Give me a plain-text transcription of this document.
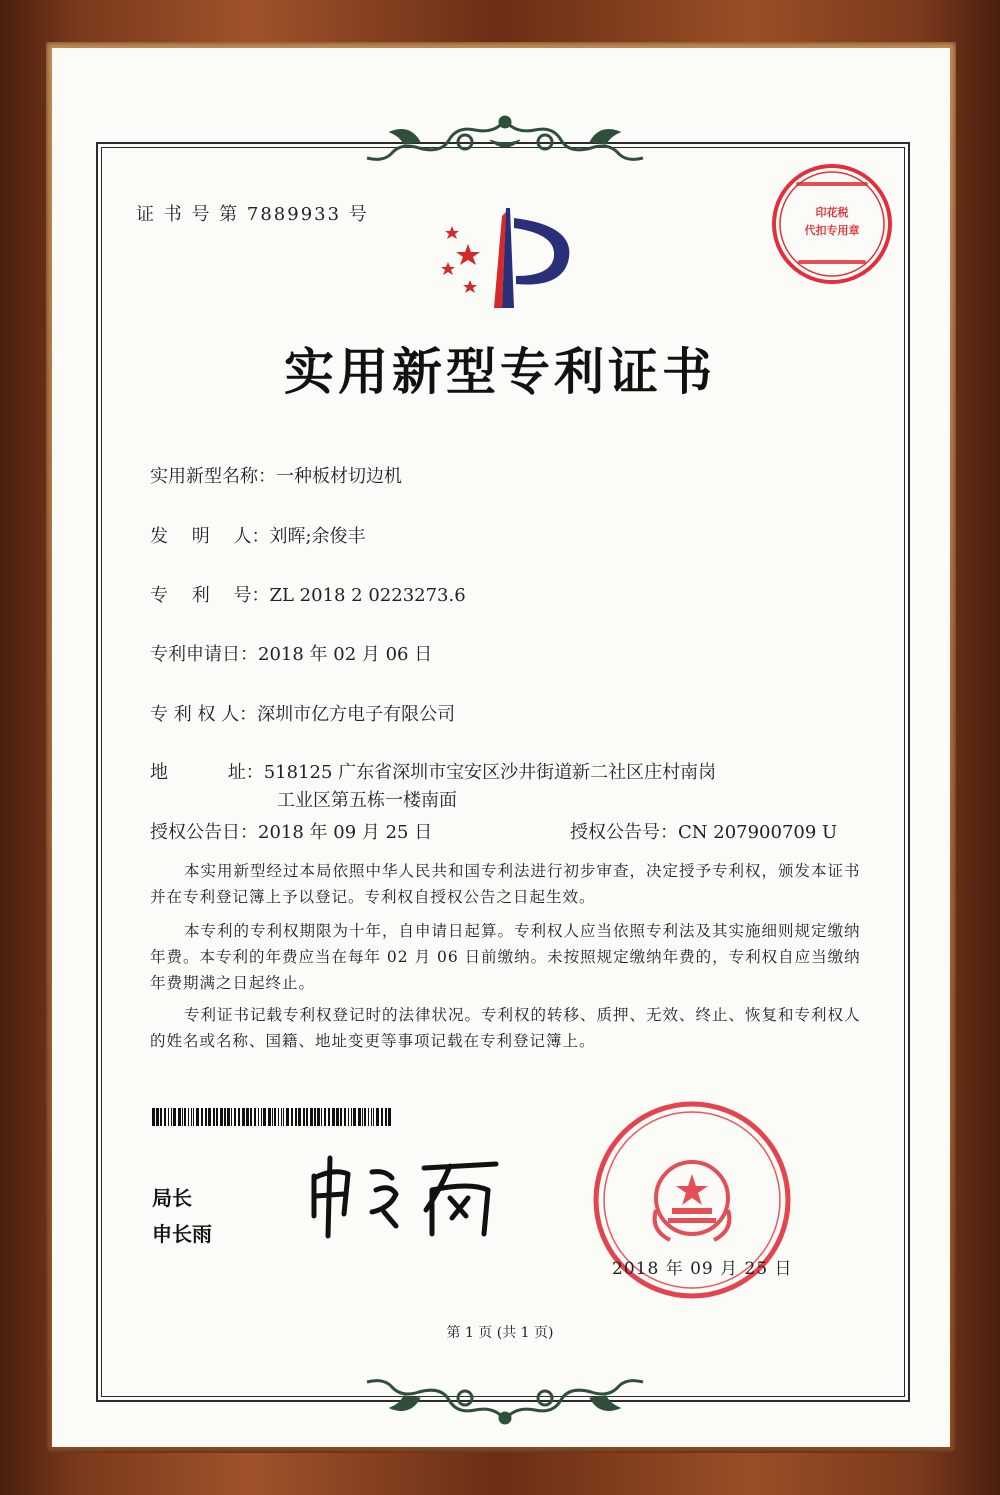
证 书 号 第 7889933 号	印花税
代扣专用章
实用新型专利证书
实用新型名称：一种板材切边机
发　 明　 人：刘晖;余俊丰
专　 利　 号：ZL 2018 2 0223273.6
专利申请日：2018 年 02 月 06 日
专 利 权 人：深圳市亿方电子有限公司
地　　　 址：518125 广东省深圳市宝安区沙井街道新二社区庄村南岗
工业区第五栋一楼南面
授权公告日：2018 年 09 月 25 日	授权公告号：CN 207900709 U
本实用新型经过本局依照中华人民共和国专利法进行初步审查，决定授予专利权，颁发本证书并在专利登记簿上予以登记。专利权自授权公告之日起生效。
本专利的专利权期限为十年，自申请日起算。专利权人应当依照专利法及其实施细则规定缴纳年费。本专利的年费应当在每年 02 月 06 日前缴纳。未按照规定缴纳年费的，专利权自应当缴纳年费期满之日起终止。
专利证书记载专利权登记时的法律状况。专利权的转移、质押、无效、终止、恢复和专利权人的姓名或名称、国籍、地址变更等事项记载在专利登记簿上。
局长
申长雨
2018 年 09 月 25 日
第 1 页 (共 1 页)
